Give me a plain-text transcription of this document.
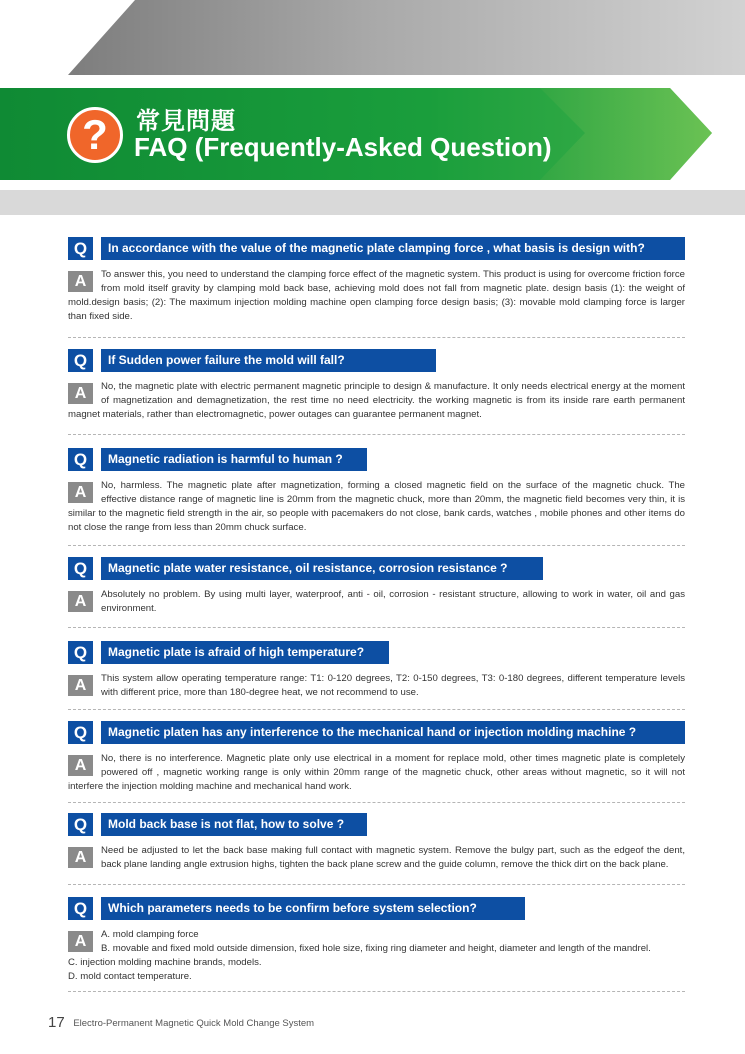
?	常見問題
FAQ (Frequently-Asked Question)
Q	In accordance with the value of the magnetic plate clamping force , what basis is design with?
A	To answer this, you need to understand the clamping force effect of the magnetic system. This product is using for overcome friction force from mold itself gravity by clamping mold back base, achieving mold does not fall from magnetic plate. design basis (1): the weight of mold.design basis; (2): The maximum injection molding machine open clamping force design basis; (3): movable mold clamping force is larger than fixed side.
Q	If Sudden power failure the mold will fall?
A	No, the magnetic plate with electric permanent magnetic principle to design & manufacture. It only needs electrical energy at the moment of magnetization and demagnetization, the rest time no need electricity. the working magnetic is from its inside rare earth permanent magnet materials, rather than electromagnetic, power outages can guarantee permanent magnet.
Q	Magnetic radiation is harmful to human ?
A	No, harmless. The magnetic plate after magnetization, forming a closed magnetic field on the surface of the magnetic chuck. The effective distance range of magnetic line is 20mm from the magnetic chuck, more than 20mm, the magnetic field becomes very thin, it is similar to the magnetic field strength in the air, so people with pacemakers do not close, bank cards, watches , mobile phones and other items do not close the range from less than 20mm chuck surface.
Q	Magnetic plate water resistance, oil resistance, corrosion resistance ?
A	Absolutely no problem. By using multi layer, waterproof, anti - oil, corrosion - resistant structure, allowing to work in water, oil and gas environment.
Q	Magnetic plate is afraid of high temperature?
A	This system allow operating temperature range: T1: 0-120 degrees, T2: 0-150 degrees, T3: 0-180 degrees, different temperature levels with different price, more than 180-degree heat, we not recommend to use.
Q	Magnetic platen has any interference to the mechanical hand or injection molding machine ?
A	No, there is no interference. Magnetic plate only use electrical in a moment for replace mold, other times magnetic plate is completely powered off , magnetic working range is only within 20mm range of the magnetic chuck, other areas without magnetic, so it will not interfere the injection molding machine and mechanical hand work.
Q	Mold back base is not flat, how to solve ?
A	Need be adjusted to let the back base making full contact with magnetic system. Remove the bulgy part, such as the edgeof the dent, back plane landing angle extrusion highs, tighten the back plane screw and the guide column, remove the thick dirt on the back plane.
Q	Which parameters needs to be confirm before system selection?
A	A. mold clamping force
B. movable and fixed mold outside dimension, fixed hole size, fixing ring diameter and height, diameter and length of the mandrel.
C. injection molding machine brands, models.
D. mold contact temperature.
17 Electro-Permanent Magnetic Quick Mold Change System
